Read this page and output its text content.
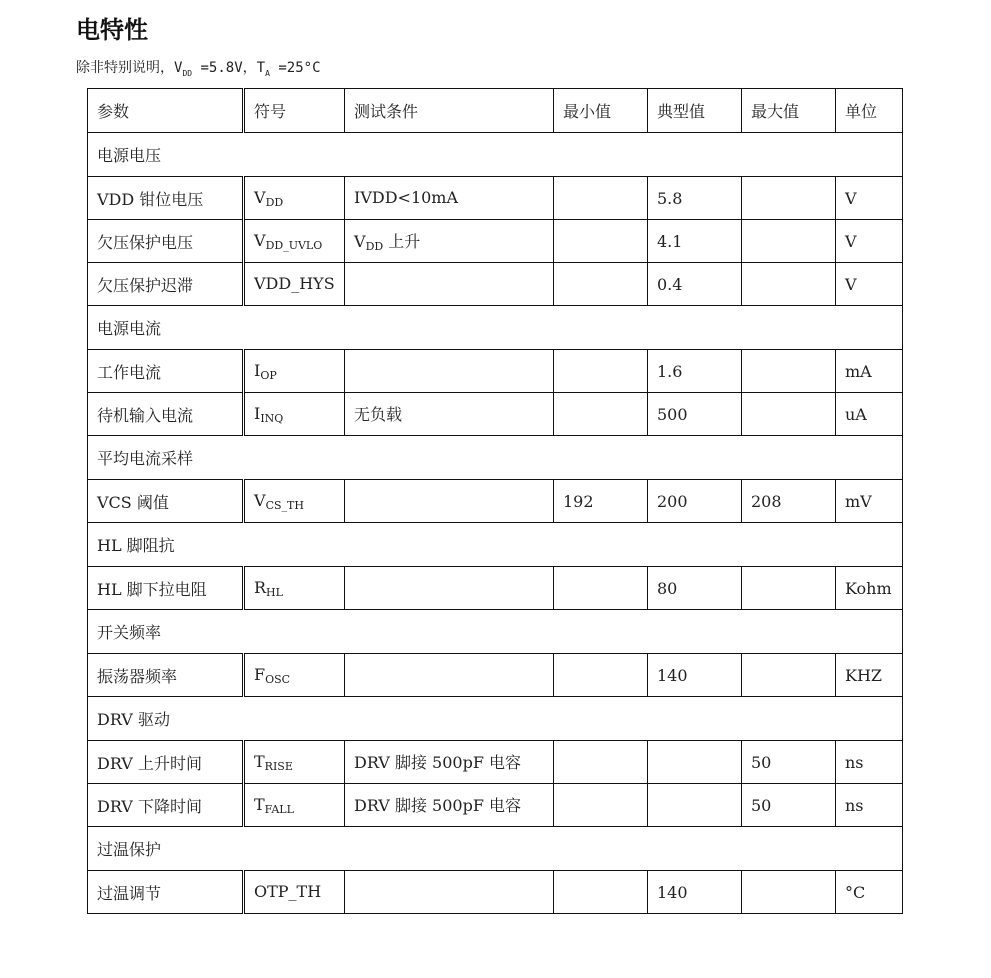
电特性
除非特别说明，$V_{DD} =5.8V$，$T_A =25^\circ C$
参数	符号	测试条件	最小值	典型值	最大值	单位
电源电压						
VDD 钳位电压	$V_{DD}$	IVDD<10mA		5.8		V
欠压保护电压	$V_{DD\_UVLO}$	$V_{DD}$ 上升		4.1		V
欠压保护迟滞	VDD_HYS			0.4		V
电源电流						
工作电流	$I_{OP}$			1.6		mA
待机输入电流	$I_{INQ}$	无负载		500		uA
平均电流采样						
VCS 阈值	$V_{CS\_TH}$		192	200	208	mV
HL 脚阻抗						
HL 脚下拉电阻	$R_{HL}$			80		Kohm
开关频率						
振荡器频率	$F_{OSC}$			140		KHZ
DRV 驱动						
DRV 上升时间	$T_{RISE}$	DRV 脚接 500pF 电容			50	ns
DRV 下降时间	$T_{FALL}$	DRV 脚接 500pF 电容			50	ns
过温保护						
过温调节	OTP_TH			140		°C
